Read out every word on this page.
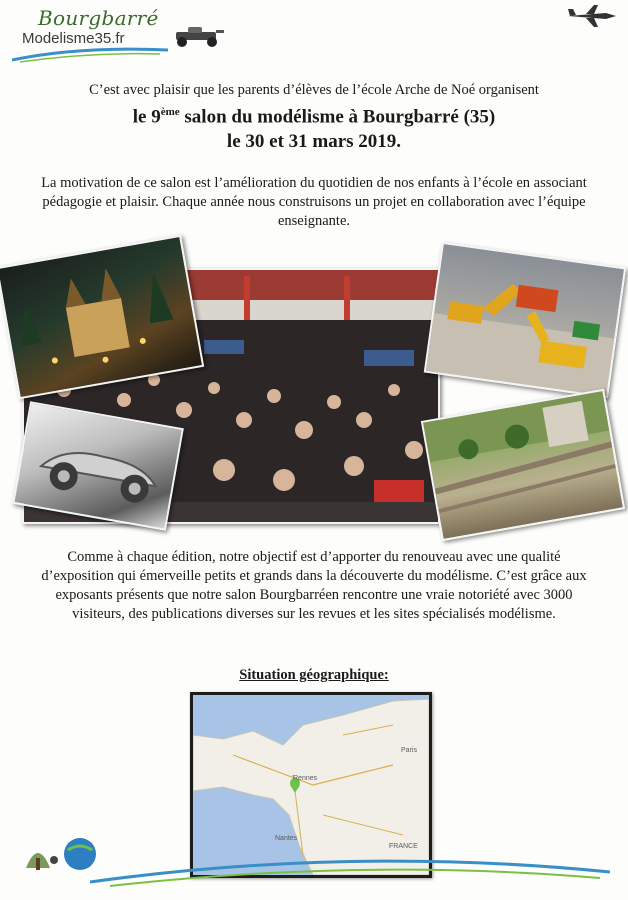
Bourgbarré
Modelisme35.fr

C’est avec plaisir que les parents d’élèves de l’école Arche de Noé organisent

le 9ème salon du modélisme à Bourgbarré (35)

le 30 et 31 mars 2019.

La motivation de ce salon est l’amélioration du quotidien de nos enfants à l’école en associant pédagogie et plaisir. Chaque année nous construisons un projet en collaboration avec l’équipe enseignante.

Comme à chaque édition, notre objectif est d’apporter du renouveau avec une qualité d’exposition qui émerveille petits et grands dans la découverte du modélisme. C’est grâce aux exposants présents que notre salon Bourgbarréen rencontre une vraie notoriété avec 3000 visiteurs, des publications diverses sur les revues et les sites spécialisés modélisme.

Situation géographique:

Rennes
Nantes
Paris
FRANCE
